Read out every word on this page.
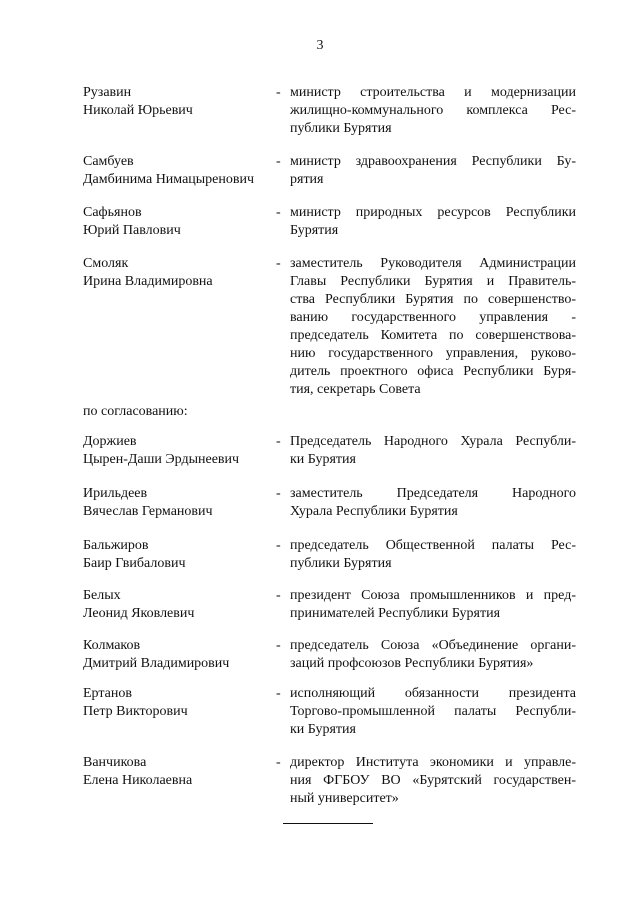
3
Рузавин
Николай Юрьевич
- министр строительства и модернизации
жилищно-коммунального комплекса Рес-
публики Бурятия
Самбуев
Дамбинима Нимацыренович
- министр здравоохранения Республики Бу-
рятия
Сафьянов
Юрий Павлович
- министр природных ресурсов Республики
Бурятия
Смоляк
Ирина Владимировна
- заместитель Руководителя Администрации
Главы Республики Бурятия и Правитель-
ства Республики Бурятия по совершенство-
ванию государственного управления -
председатель Комитета по совершенствова-
нию государственного управления, руково-
дитель проектного офиса Республики Буря-
тия, секретарь Совета
по согласованию:
Доржиев
Цырен-Даши Эрдынеевич
- Председатель Народного Хурала Республи-
ки Бурятия
Ирильдеев
Вячеслав Германович
- заместитель Председателя Народного
Хурала Республики Бурятия
Бальжиров
Баир Гвибалович
- председатель Общественной палаты Рес-
публики Бурятия
Белых
Леонид Яковлевич
- президент Союза промышленников и пред-
принимателей Республики Бурятия
Колмаков
Дмитрий Владимирович
- председатель Союза «Объединение органи-
заций профсоюзов Республики Бурятия»
Ертанов
Петр Викторович
- исполняющий обязанности президента
Торгово-промышленной палаты Республи-
ки Бурятия
Ванчикова
Елена Николаевна
- директор Института экономики и управле-
ния ФГБОУ ВО «Бурятский государствен-
ный университет»
